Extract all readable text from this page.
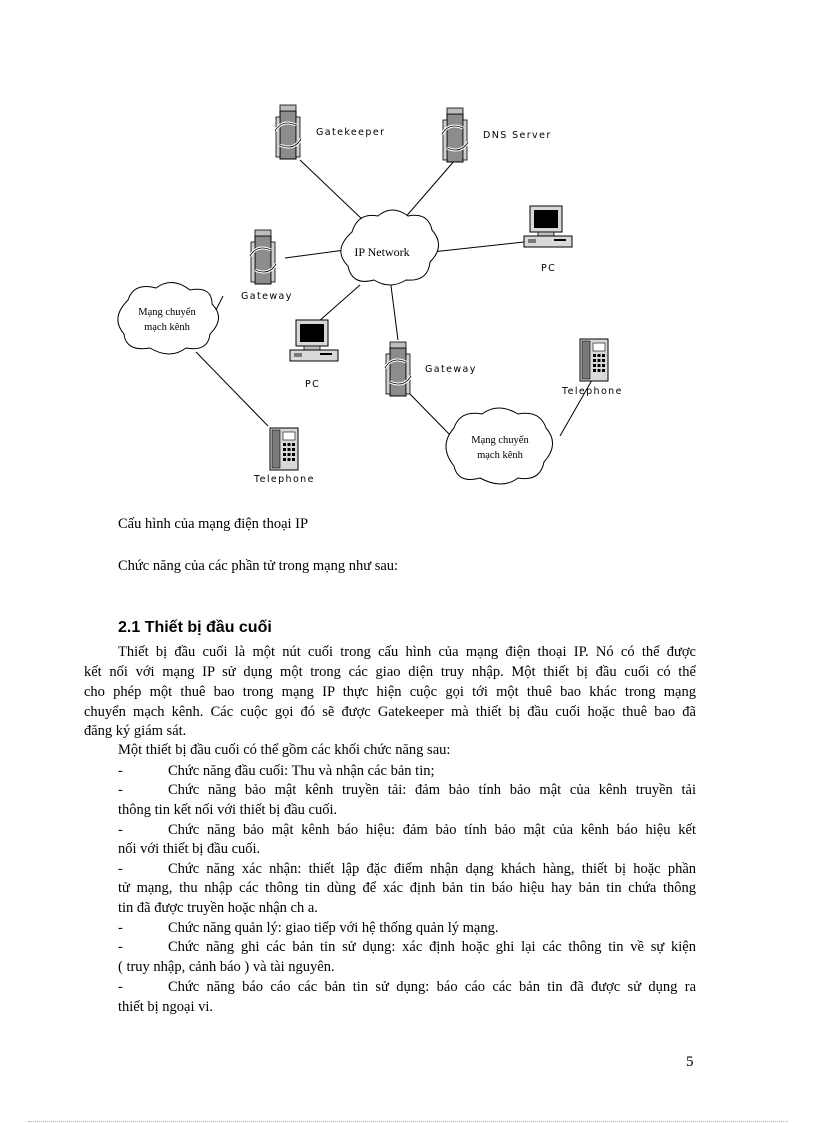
IP Network
Mạng chuyển
mạch kênh
Mạng chuyển
mạch kênh
Gatekeeper	DNS Server
Gateway
Gateway
PC
PC
Telephone
Telephone
Cấu hình của mạng điện thoại IP
Chức năng của các phần tử trong mạng như sau:
2.1 Thiết bị đầu cuối
Thiết bị đầu cuối là một nút cuối trong cấu hình của mạng điện thoại IP. Nó có thể được
kết nối với mạng IP sử dụng một trong các giao diện truy nhập. Một thiết bị đầu cuối có thể
cho phép một thuê bao trong mạng IP thực hiện cuộc gọi tới một thuê bao khác trong mạng
chuyển mạch kênh. Các cuộc gọi đó sẽ được Gatekeeper mà thiết bị đầu cuối hoặc thuê bao đã
đăng ký giám sát.
Một thiết bị đầu cuối có thể gồm các khối chức năng sau:
-	Chức năng đầu cuối: Thu và nhận các bản tin;
-	Chức năng bảo mật kênh truyền tải: đảm bảo tính bảo mật của kênh truyền tải
thông tin kết nối với thiết bị đầu cuối.
-	Chức năng bảo mật kênh báo hiệu: đảm bảo tính bảo mật của kênh báo hiệu kết
nối với thiết bị đầu cuối.
-	Chức năng xác nhận: thiết lập đặc điểm nhận dạng khách hàng, thiết bị hoặc phần
tử mạng, thu nhập các thông tin dùng để xác định bản tin báo hiệu hay bản tin chứa thông
tin đã được truyền hoặc nhận ch a.
-	Chức năng quản lý: giao tiếp với hệ thống quản lý mạng.
-	Chức năng ghi các bản tin sử dụng: xác định hoặc ghi lại các thông tin về sự kiện
( truy nhập, cảnh báo ) và tài nguyên.
-	Chức năng báo cáo các bản tin sử dụng: báo cáo các bản tin đã được sử dụng ra
thiết bị ngoại vi.
5
